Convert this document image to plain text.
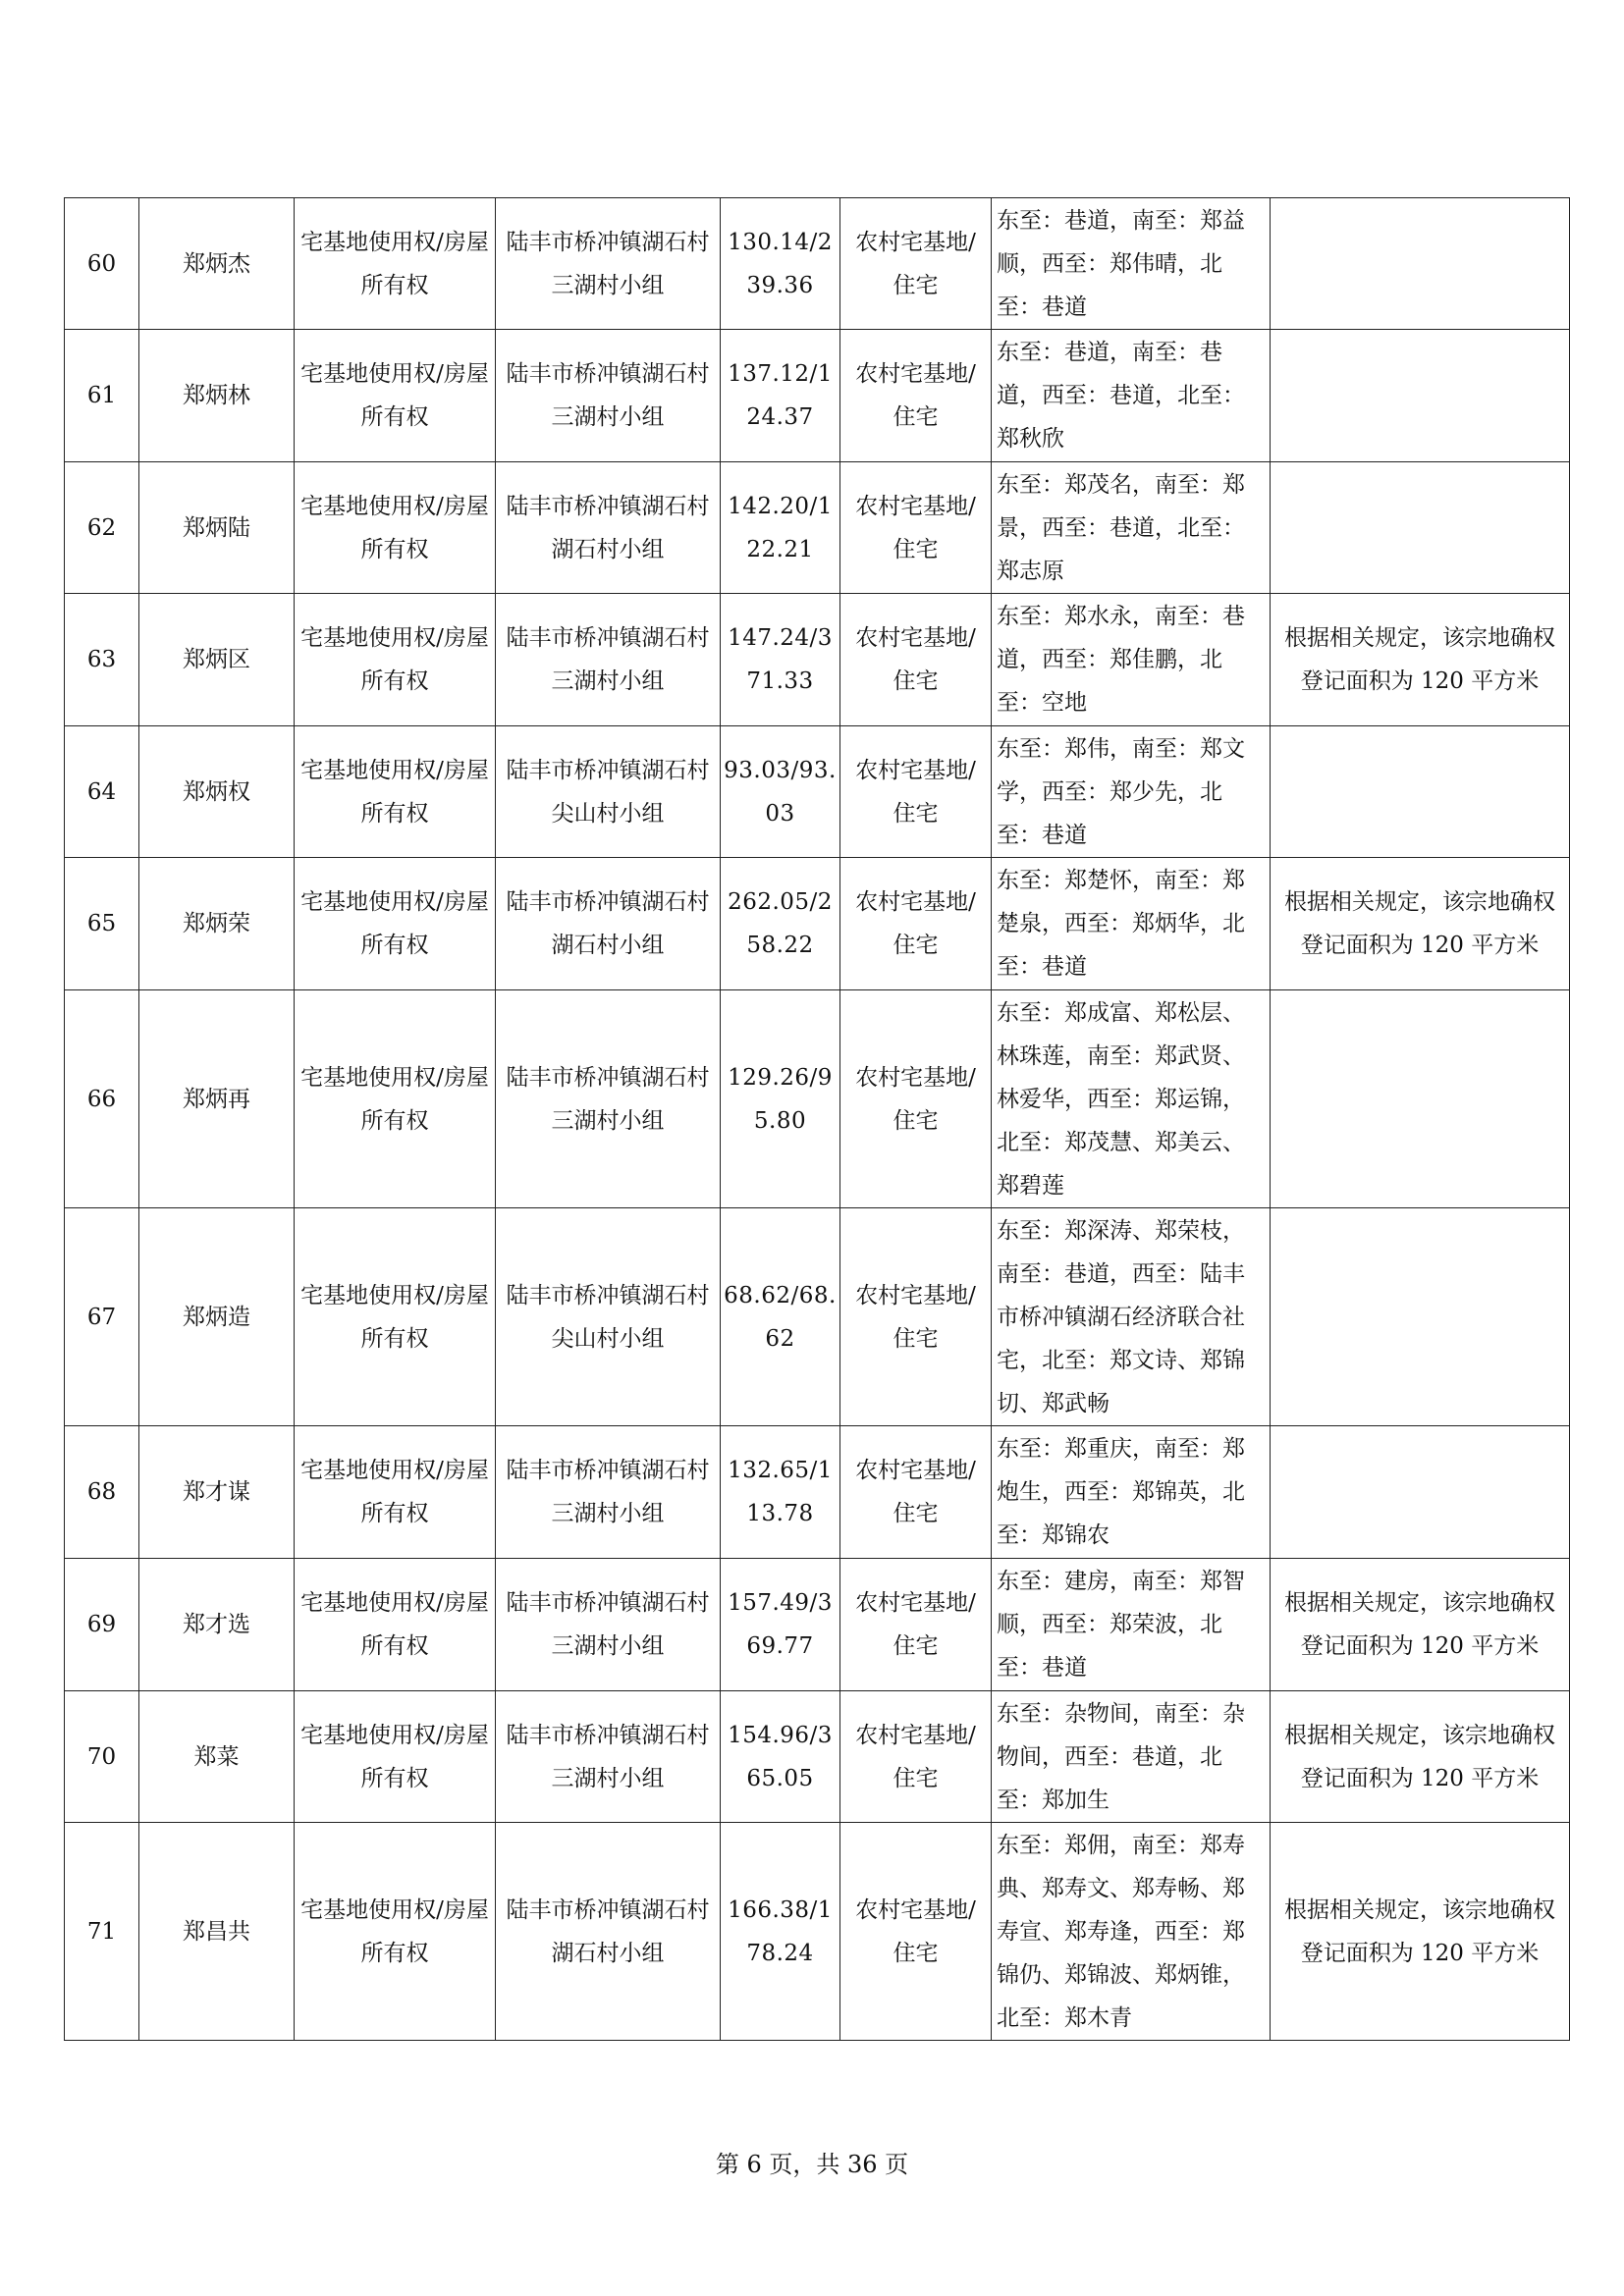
60	郑炳杰	宅基地使用权/房屋所有权	陆丰市桥冲镇湖石村三湖村小组	130.14/239.36	农村宅基地/住宅	东至：巷道，南至：郑益顺，西至：郑伟晴，北至：巷道	
61	郑炳林	宅基地使用权/房屋所有权	陆丰市桥冲镇湖石村三湖村小组	137.12/124.37	农村宅基地/住宅	东至：巷道，南至：巷道，西至：巷道，北至：郑秋欣	
62	郑炳陆	宅基地使用权/房屋所有权	陆丰市桥冲镇湖石村湖石村小组	142.20/122.21	农村宅基地/住宅	东至：郑茂名，南至：郑景，西至：巷道，北至：郑志原	
63	郑炳区	宅基地使用权/房屋所有权	陆丰市桥冲镇湖石村三湖村小组	147.24/371.33	农村宅基地/住宅	东至：郑水永，南至：巷道，西至：郑佳鹏，北至：空地	根据相关规定，该宗地确权登记面积为 120 平方米
64	郑炳权	宅基地使用权/房屋所有权	陆丰市桥冲镇湖石村尖山村小组	93.03/93.03	农村宅基地/住宅	东至：郑伟，南至：郑文学，西至：郑少先，北至：巷道	
65	郑炳荣	宅基地使用权/房屋所有权	陆丰市桥冲镇湖石村湖石村小组	262.05/258.22	农村宅基地/住宅	东至：郑楚怀，南至：郑楚泉，西至：郑炳华，北至：巷道	根据相关规定，该宗地确权登记面积为 120 平方米
66	郑炳再	宅基地使用权/房屋所有权	陆丰市桥冲镇湖石村三湖村小组	129.26/95.80	农村宅基地/住宅	东至：郑成富、郑松层、林珠莲，南至：郑武贤、林爱华，西至：郑运锦，北至：郑茂慧、郑美云、郑碧莲	
67	郑炳造	宅基地使用权/房屋所有权	陆丰市桥冲镇湖石村尖山村小组	68.62/68.62	农村宅基地/住宅	东至：郑深涛、郑荣枝，南至：巷道，西至：陆丰市桥冲镇湖石经济联合社宅，北至：郑文诗、郑锦切、郑武畅	
68	郑才谋	宅基地使用权/房屋所有权	陆丰市桥冲镇湖石村三湖村小组	132.65/113.78	农村宅基地/住宅	东至：郑重庆，南至：郑炮生，西至：郑锦英，北至：郑锦农	
69	郑才选	宅基地使用权/房屋所有权	陆丰市桥冲镇湖石村三湖村小组	157.49/369.77	农村宅基地/住宅	东至：建房，南至：郑智顺，西至：郑荣波，北至：巷道	根据相关规定，该宗地确权登记面积为 120 平方米
70	郑菜	宅基地使用权/房屋所有权	陆丰市桥冲镇湖石村三湖村小组	154.96/365.05	农村宅基地/住宅	东至：杂物间，南至：杂物间，西至：巷道，北至：郑加生	根据相关规定，该宗地确权登记面积为 120 平方米
71	郑昌共	宅基地使用权/房屋所有权	陆丰市桥冲镇湖石村湖石村小组	166.38/178.24	农村宅基地/住宅	东至：郑佣，南至：郑寿典、郑寿文、郑寿畅、郑寿宣、郑寿逢，西至：郑锦仍、郑锦波、郑炳锥，北至：郑木青	根据相关规定，该宗地确权登记面积为 120 平方米
第 6 页，共 36 页
